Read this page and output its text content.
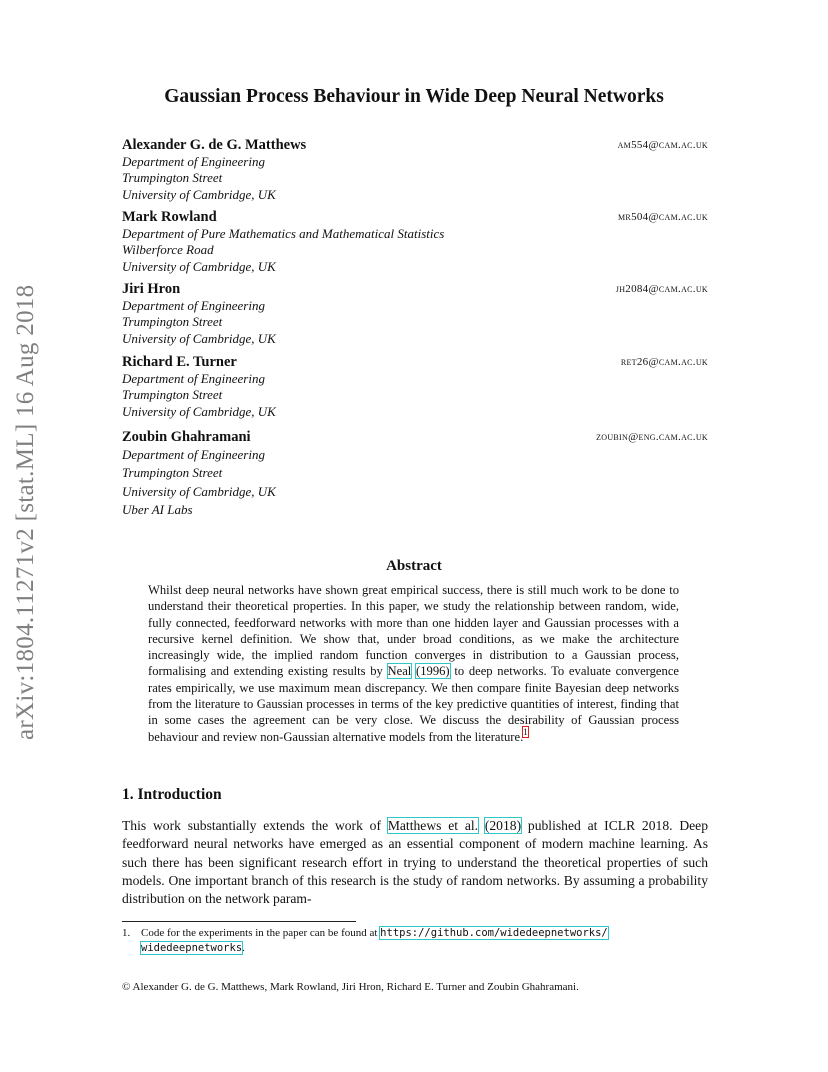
arXiv:1804.11271v2 [stat.ML] 16 Aug 2018
Gaussian Process Behaviour in Wide Deep Neural Networks
Alexander G. de G. Matthews	am554@cam.ac.uk
Department of Engineering
Trumpington Street
University of Cambridge, UK
Mark Rowland	mr504@cam.ac.uk
Department of Pure Mathematics and Mathematical Statistics
Wilberforce Road
University of Cambridge, UK
Jiri Hron	jh2084@cam.ac.uk
Department of Engineering
Trumpington Street
University of Cambridge, UK
Richard E. Turner	ret26@cam.ac.uk
Department of Engineering
Trumpington Street
University of Cambridge, UK
Zoubin Ghahramani	zoubin@eng.cam.ac.uk
Department of Engineering
Trumpington Street
University of Cambridge, UK
Uber AI Labs
Abstract
Whilst deep neural networks have shown great empirical success, there is still much work to be done to understand their theoretical properties. In this paper, we study the relationship between random, wide, fully connected, feedforward networks with more than one hidden layer and Gaussian processes with a recursive kernel definition. We show that, under broad conditions, as we make the architecture increasingly wide, the implied random function converges in distribution to a Gaussian process, formalising and extending existing results by Neal (1996) to deep networks. To evaluate convergence rates empirically, we use maximum mean discrepancy. We then compare finite Bayesian deep networks from the literature to Gaussian processes in terms of the key predictive quantities of interest, finding that in some cases the agreement can be very close. We discuss the desirability of Gaussian process behaviour and review non-Gaussian alternative models from the literature.$^1$
1. Introduction
This work substantially extends the work of Matthews et al. (2018) published at ICLR 2018. Deep feedforward neural networks have emerged as an essential component of modern machine learning. As such there has been significant research effort in trying to understand the theoretical properties of such models. One important branch of this research is the study of random networks. By assuming a probability distribution on the network param-
1. Code for the experiments in the paper can be found at https://github.com/widedeepnetworks/
widedeepnetworks.
© Alexander G. de G. Matthews, Mark Rowland, Jiri Hron, Richard E. Turner and Zoubin Ghahramani.
